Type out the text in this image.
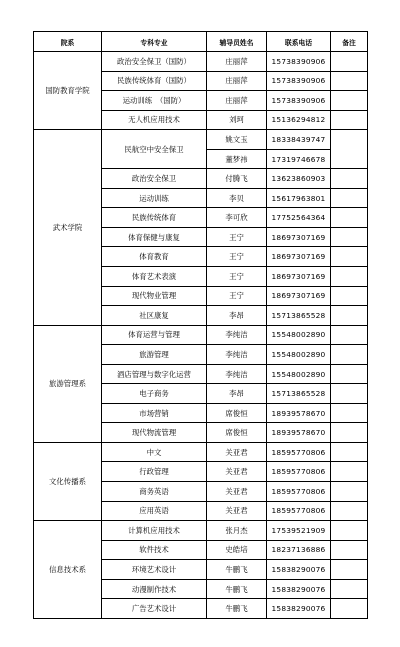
院系	专科专业	辅导员姓名	联系电话	备注
国防教育学院	政治安全保卫（国防）	庄丽萍	15738390906	
	民族传统体育（国防）	庄丽萍	15738390906	
	运动训练　（国防）	庄丽萍	15738390906	
	无人机应用技术	刘珂	15136294812	
武术学院	民航空中安全保卫	姚文玉	18338439747	
		董梦祎	17319746678	
	政治安全保卫	付腾飞	13623860903	
	运动训练	李贝	15617963801	
	民族传统体育	李可欣	17752564364	
	体育保健与康复	王宁	18697307169	
	体育教育	王宁	18697307169	
	体育艺术表演	王宁	18697307169	
	现代物业管理	王宁	18697307169	
	社区康复	李昂	15713865528	
旅游管理系	体育运营与管理	李纯洁	15548002890	
	旅游管理	李纯洁	15548002890	
	酒店管理与数字化运营	李纯洁	15548002890	
	电子商务	李昂	15713865528	
	市场营销	席俊恒	18939578670	
	现代物流管理	席俊恒	18939578670	
文化传播系	中文	关亚君	18595770806	
	行政管理	关亚君	18595770806	
	商务英语	关亚君	18595770806	
	应用英语	关亚君	18595770806	
信息技术系	计算机应用技术	张月杰	17539521909	
	软件技术	史皓培	18237136886	
	环境艺术设计	牛鹏飞	15838290076	
	动漫制作技术	牛鹏飞	15838290076	
	广告艺术设计	牛鹏飞	15838290076	
